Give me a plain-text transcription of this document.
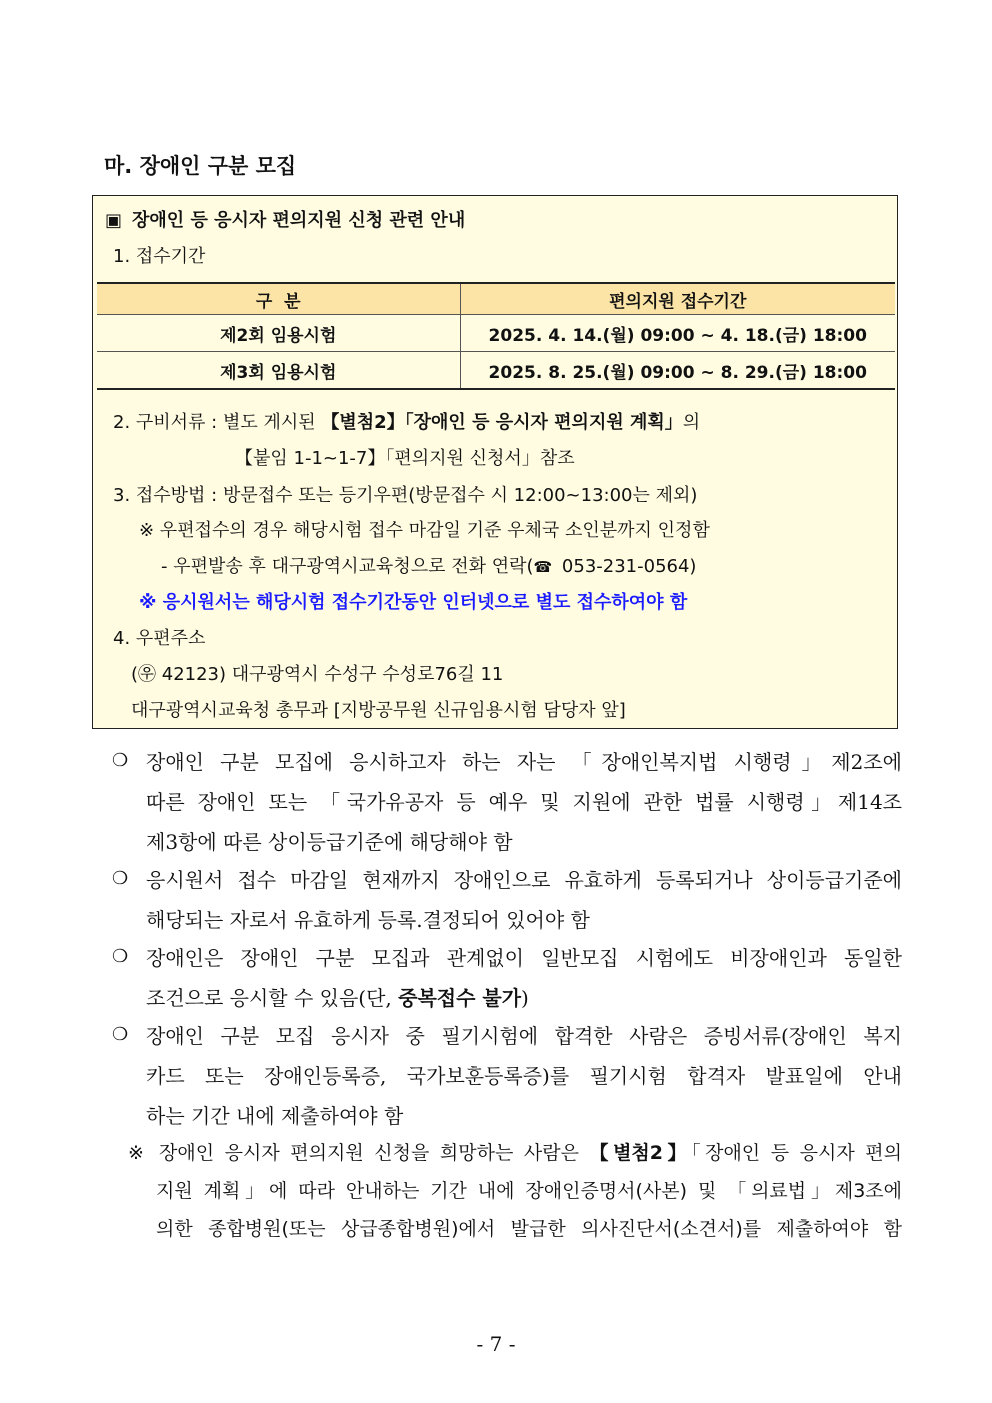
마. 장애인 구분 모집
▣ 장애인 등 응시자 편의지원 신청 관련 안내
1. 접수기간
구  분	편의지원 접수기간
제2회 임용시험	2025. 4. 14.(월) 09:00 ~ 4. 18.(금) 18:00
제3회 임용시험	2025. 8. 25.(월) 09:00 ~ 8. 29.(금) 18:00
2. 구비서류 : 별도 게시된 【별첨2】「장애인 등 응시자 편의지원 계획」의
【붙임 1-1~1-7】「편의지원 신청서」참조
3. 접수방법 : 방문접수 또는 등기우편(방문접수 시 12:00~13:00는 제외)
※ 우편접수의 경우 해당시험 접수 마감일 기준 우체국 소인분까지 인정함
- 우편발송 후 대구광역시교육청으로 전화 연락(☎ 053-231-0564)
※ 응시원서는 해당시험 접수기간동안 인터넷으로 별도 접수하여야 함
4. 우편주소
(㉾ 42123) 대구광역시 수성구 수성로76길 11
대구광역시교육청 총무과 [지방공무원 신규임용시험 담당자 앞]
❍ 장애인 구분 모집에 응시하고자 하는 자는 「장애인복지법 시행령」제2조에
따른 장애인 또는 「국가유공자 등 예우 및 지원에 관한 법률 시행령」제14조
제3항에 따른 상이등급기준에 해당해야 함
❍ 응시원서 접수 마감일 현재까지 장애인으로 유효하게 등록되거나 상이등급기준에
해당되는 자로서 유효하게 등록.결정되어 있어야 함
❍ 장애인은 장애인 구분 모집과 관계없이 일반모집 시험에도 비장애인과 동일한
조건으로 응시할 수 있음(단, 중복접수 불가)
❍ 장애인 구분 모집 응시자 중 필기시험에 합격한 사람은 증빙서류(장애인 복지
카드 또는 장애인등록증, 국가보훈등록증)를 필기시험 합격자 발표일에 안내
하는 기간 내에 제출하여야 함
※ 장애인 응시자 편의지원 신청을 희망하는 사람은 【별첨2】「장애인 등 응시자 편의
지원 계획」에 따라 안내하는 기간 내에 장애인증명서(사본) 및 「의료법」제3조에
의한 종합병원(또는 상급종합병원)에서 발급한 의사진단서(소견서)를 제출하여야 함
- 7 -
